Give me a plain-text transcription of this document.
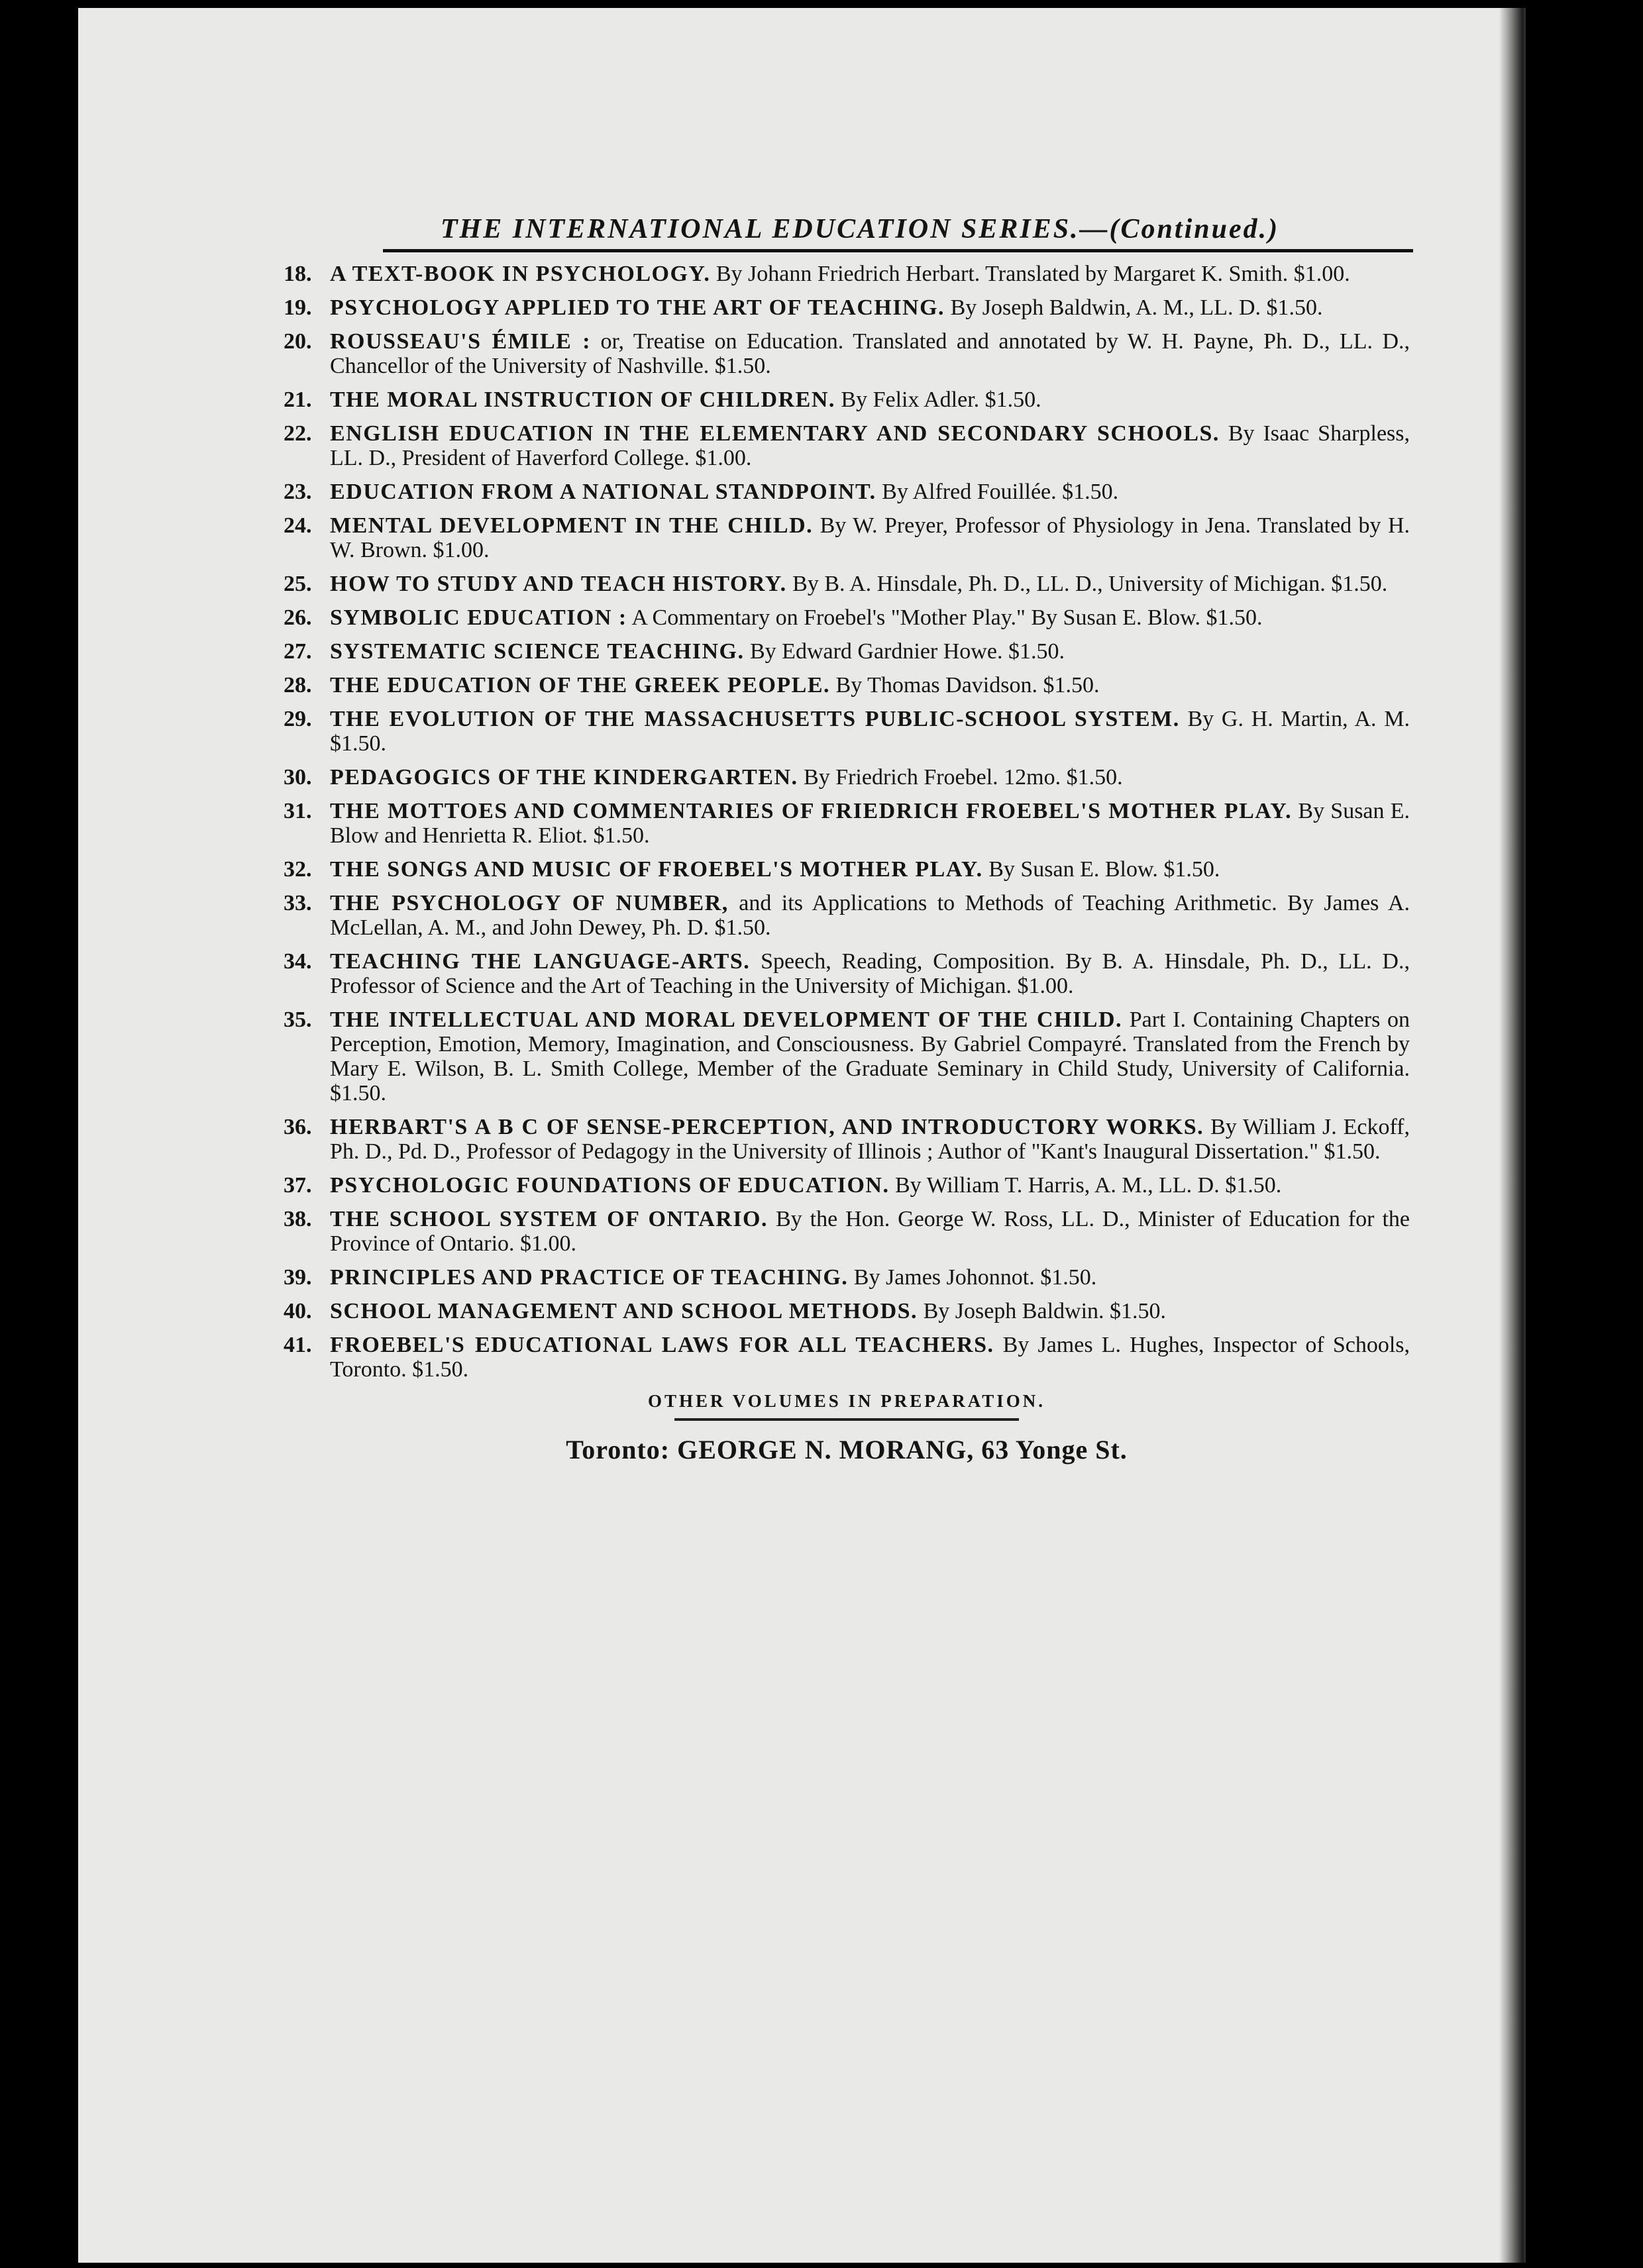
THE INTERNATIONAL EDUCATION SERIES.—(Continued.)
18. A TEXT-BOOK IN PSYCHOLOGY. By Johann Friedrich Herbart. Translated by Margaret K. Smith. $1.00.
19. PSYCHOLOGY APPLIED TO THE ART OF TEACHING. By Joseph Baldwin, A. M., LL. D. $1.50.
20. ROUSSEAU'S ÉMILE : or, Treatise on Education. Translated and annotated by W. H. Payne, Ph. D., LL. D., Chancellor of the University of Nashville. $1.50.
21. THE MORAL INSTRUCTION OF CHILDREN. By Felix Adler. $1.50.
22. ENGLISH EDUCATION IN THE ELEMENTARY AND SECONDARY SCHOOLS. By Isaac Sharpless, LL. D., President of Haverford College. $1.00.
23. EDUCATION FROM A NATIONAL STANDPOINT. By Alfred Fouillée. $1.50.
24. MENTAL DEVELOPMENT IN THE CHILD. By W. Preyer, Professor of Physiology in Jena. Translated by H. W. Brown. $1.00.
25. HOW TO STUDY AND TEACH HISTORY. By B. A. Hinsdale, Ph. D., LL. D., University of Michigan. $1.50.
26. SYMBOLIC EDUCATION : A Commentary on Froebel's "Mother Play." By Susan E. Blow. $1.50.
27. SYSTEMATIC SCIENCE TEACHING. By Edward Gardnier Howe. $1.50.
28. THE EDUCATION OF THE GREEK PEOPLE. By Thomas Davidson. $1.50.
29. THE EVOLUTION OF THE MASSACHUSETTS PUBLIC-SCHOOL SYSTEM. By G. H. Martin, A. M. $1.50.
30. PEDAGOGICS OF THE KINDERGARTEN. By Friedrich Froebel. 12mo. $1.50.
31. THE MOTTOES AND COMMENTARIES OF FRIEDRICH FROEBEL'S MOTHER PLAY. By Susan E. Blow and Henrietta R. Eliot. $1.50.
32. THE SONGS AND MUSIC OF FROEBEL'S MOTHER PLAY. By Susan E. Blow. $1.50.
33. THE PSYCHOLOGY OF NUMBER, and its Applications to Methods of Teaching Arithmetic. By James A. McLellan, A. M., and John Dewey, Ph. D. $1.50.
34. TEACHING THE LANGUAGE-ARTS. Speech, Reading, Composition. By B. A. Hinsdale, Ph. D., LL. D., Professor of Science and the Art of Teaching in the University of Michigan. $1.00.
35. THE INTELLECTUAL AND MORAL DEVELOPMENT OF THE CHILD. Part I. Containing Chapters on Perception, Emotion, Memory, Imagination, and Consciousness. By Gabriel Compayré. Translated from the French by Mary E. Wilson, B. L. Smith College, Member of the Graduate Seminary in Child Study, University of California. $1.50.
36. HERBART'S A B C OF SENSE-PERCEPTION, AND INTRODUCTORY WORKS. By William J. Eckoff, Ph. D., Pd. D., Professor of Pedagogy in the University of Illinois ; Author of "Kant's Inaugural Dissertation." $1.50.
37. PSYCHOLOGIC FOUNDATIONS OF EDUCATION. By William T. Harris, A. M., LL. D. $1.50.
38. THE SCHOOL SYSTEM OF ONTARIO. By the Hon. George W. Ross, LL. D., Minister of Education for the Province of Ontario. $1.00.
39. PRINCIPLES AND PRACTICE OF TEACHING. By James Johonnot. $1.50.
40. SCHOOL MANAGEMENT AND SCHOOL METHODS. By Joseph Baldwin. $1.50.
41. FROEBEL'S EDUCATIONAL LAWS FOR ALL TEACHERS. By James L. Hughes, Inspector of Schools, Toronto. $1.50.
OTHER VOLUMES IN PREPARATION.
Toronto: GEORGE N. MORANG, 63 Yonge St.
